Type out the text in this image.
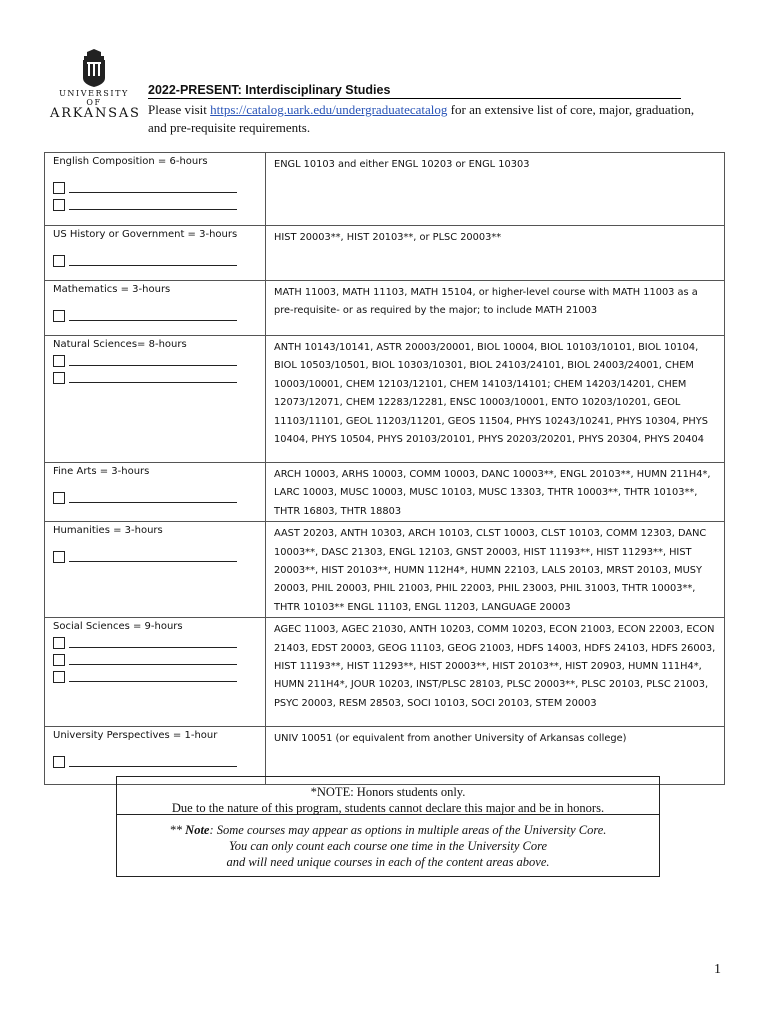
UNIVERSITY OF
ARKANSAS
2022-PRESENT: Interdisciplinary Studies
Please visit https://catalog.uark.edu/undergraduatecatalog for an extensive list of core, major, graduation, and pre-requisite requirements.
English Composition = 6-hours	ENGL 10103 and either ENGL 10203 or ENGL 10303

US History or Government = 3-hours	HIST 20003**, HIST 20103**, or PLSC 20003**

Mathematics = 3-hours	MATH 11003, MATH 11103, MATH 15104, or higher-level course with MATH 11003 as a pre-requisite- or as required by the major; to include MATH 21003

Natural Sciences= 8-hours	ANTH 10143/10141, ASTR 20003/20001, BIOL 10004, BIOL 10103/10101, BIOL 10104, BIOL 10503/10501, BIOL 10303/10301, BIOL 24103/24101, BIOL 24003/24001, CHEM 10003/10001, CHEM 12103/12101, CHEM 14103/14101; CHEM 14203/14201, CHEM 12073/12071, CHEM 12283/12281, ENSC 10003/10001, ENTO 10203/10201, GEOL 11103/11101, GEOL 11203/11201, GEOS 11504, PHYS 10243/10241, PHYS 10304, PHYS 10404, PHYS 10504, PHYS 20103/20101, PHYS 20203/20201, PHYS 20304, PHYS 20404

Fine Arts = 3-hours	ARCH 10003, ARHS 10003, COMM 10003, DANC 10003**, ENGL 20103**, HUMN 211H4*, LARC 10003, MUSC 10003, MUSC 10103, MUSC 13303, THTR 10003**, THTR 10103**, THTR 16803, THTR 18803

Humanities = 3-hours	AAST 20203, ANTH 10303, ARCH 10103, CLST 10003, CLST 10103, COMM 12303, DANC 10003**, DASC 21303, ENGL 12103, GNST 20003, HIST 11193**, HIST 11293**, HIST 20003**, HIST 20103**, HUMN 112H4*, HUMN 22103, LALS 20103, MRST 20103, MUSY 20003, PHIL 20003, PHIL 21003, PHIL 22003, PHIL 23003, PHIL 31003, THTR 10003**, THTR 10103** ENGL 11103, ENGL 11203, LANGUAGE 20003

Social Sciences = 9-hours	AGEC 11003, AGEC 21030, ANTH 10203, COMM 10203, ECON 21003, ECON 22003, ECON 21403, EDST 20003, GEOG 11103, GEOG 21003, HDFS 14003, HDFS 24103, HDFS 26003, HIST 11193**, HIST 11293**, HIST 20003**, HIST 20103**, HIST 20903, HUMN 111H4*, HUMN 211H4*, JOUR 10203, INST/PLSC 28103, PLSC 20003**, PLSC 20103, PLSC 21003, PSYC 20003, RESM 28503, SOCI 10103, SOCI 20103, STEM 20003

University Perspectives = 1-hour	UNIV 10051 (or equivalent from another University of Arkansas college)
*NOTE: Honors students only.
Due to the nature of this program, students cannot declare this major and be in honors.
** Note: Some courses may appear as options in multiple areas of the University Core.
You can only count each course one time in the University Core
and will need unique courses in each of the content areas above.
1
